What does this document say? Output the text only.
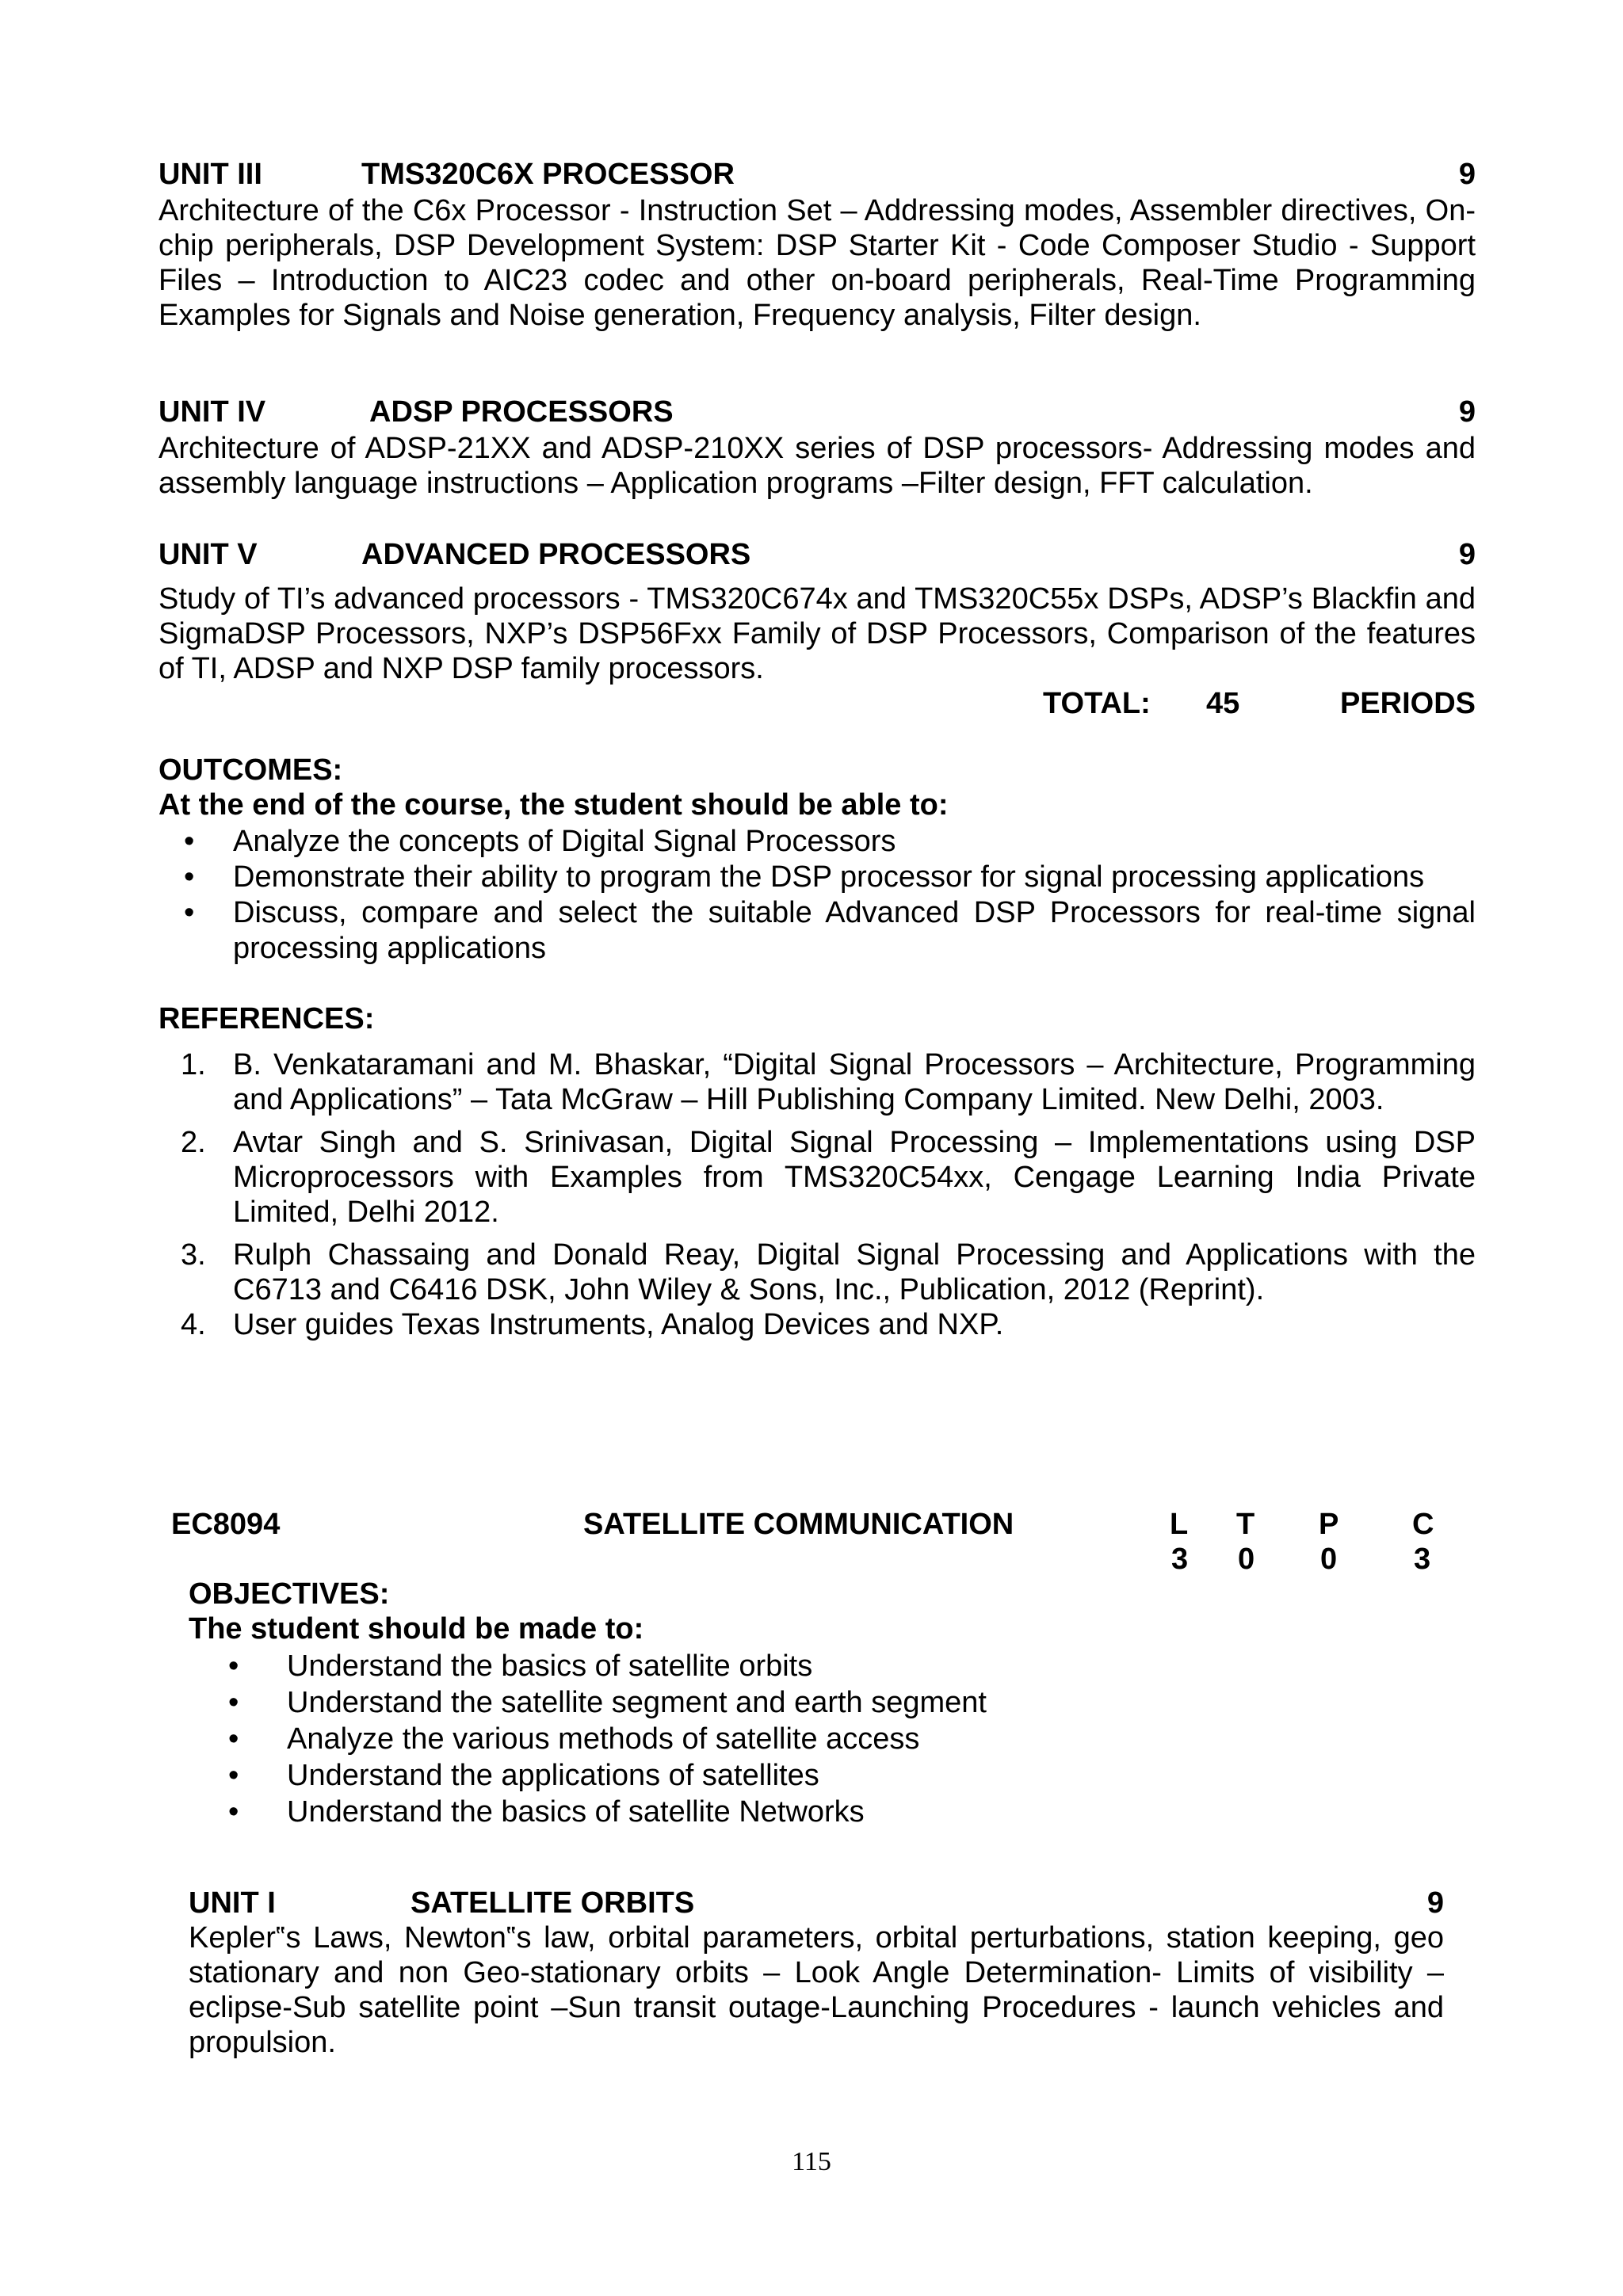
UNIT III	TMS320C6X PROCESSOR	9
Architecture of the C6x Processor - Instruction Set – Addressing modes, Assembler directives, On-chip peripherals, DSP Development System: DSP Starter Kit - Code Composer Studio - Support Files – Introduction to AIC23 codec and other on-board peripherals, Real-Time Programming Examples for Signals and Noise generation, Frequency analysis, Filter design.
UNIT IV	ADSP PROCESSORS	9
Architecture of ADSP-21XX and ADSP-210XX series of DSP processors- Addressing modes and assembly language instructions – Application programs –Filter design, FFT calculation.
UNIT V	ADVANCED PROCESSORS	9
Study of TI’s advanced processors - TMS320C674x and TMS320C55x DSPs, ADSP’s Blackfin and SigmaDSP Processors, NXP’s DSP56Fxx Family of DSP Processors, Comparison of the features of TI, ADSP and NXP DSP family processors.
TOTAL: 45	PERIODS
OUTCOMES:
At the end of the course, the student should be able to:
• Analyze the concepts of Digital Signal Processors
• Demonstrate their ability to program the DSP processor for signal processing applications
• Discuss, compare and select the suitable Advanced DSP Processors for real-time signal processing applications
REFERENCES:
1. B. Venkataramani and M. Bhaskar, “Digital Signal Processors – Architecture, Programming and Applications” – Tata McGraw – Hill Publishing Company Limited. New Delhi, 2003.
2. Avtar Singh and S. Srinivasan, Digital Signal Processing – Implementations using DSP Microprocessors with Examples from TMS320C54xx, Cengage Learning India Private Limited, Delhi 2012.
3. Rulph Chassaing and Donald Reay, Digital Signal Processing and Applications with the C6713 and C6416 DSK, John Wiley & Sons, Inc., Publication, 2012 (Reprint).
4. User guides Texas Instruments, Analog Devices and NXP.
EC8094	SATELLITE COMMUNICATION	L T P C
3 0 0	3
OBJECTIVES:
The student should be made to:
• Understand the basics of satellite orbits
• Understand the satellite segment and earth segment
• Analyze the various methods of satellite access
• Understand the applications of satellites
• Understand the basics of satellite Networks
UNIT I	SATELLITE ORBITS	9
Kepler‟s Laws, Newton‟s law, orbital parameters, orbital perturbations, station keeping, geo stationary and non Geo-stationary orbits – Look Angle Determination- Limits of visibility – eclipse-Sub satellite point –Sun transit outage-Launching Procedures - launch vehicles and propulsion.
115
